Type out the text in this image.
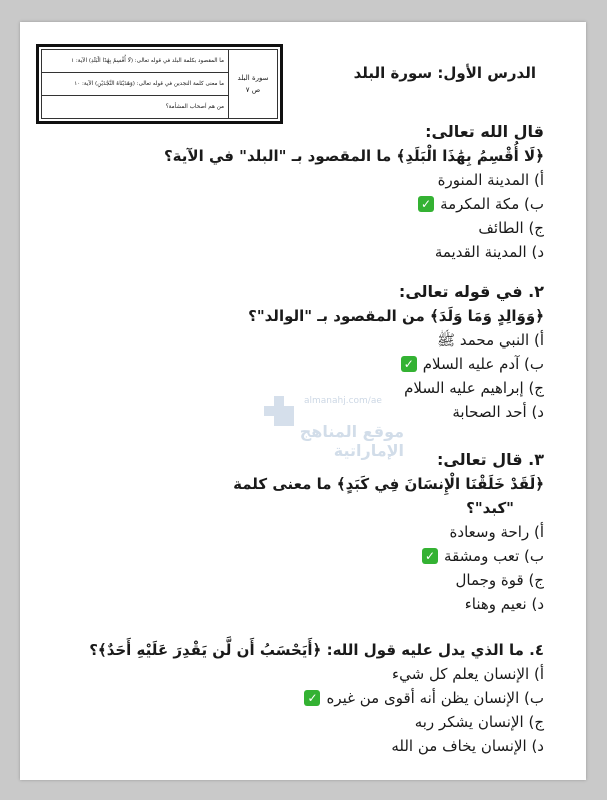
سورة البلد
ص ٧
ما المقصود بكلمة البلد في قوله تعالى: (لَا أُقْسِمُ بِهَٰذَا الْبَلَدِ) الآية: ١
ما معنى كلمة النجدين في قوله تعالى: (وَهَدَيْنَاهُ النَّجْدَيْنِ) الآية: ١٠
من هم أصحاب المشأمة؟
الدرس الأول: سورة البلد
قال الله تعالى:
﴿لَا أُقْسِمُ بِهَٰذَا الْبَلَدِ﴾ ما المقصود بـ "البلد" في الآية؟
أ) المدينة المنورة
ب) مكة المكرمة
✓
ج) الطائف
د) المدينة القديمة
٢. في قوله تعالى:
﴿وَوَالِدٍ وَمَا وَلَدَ﴾ من المقصود بـ "الوالد"؟
أ) النبي محمد ﷺ
ب) آدم عليه السلام
✓
ج) إبراهيم عليه السلام
د) أحد الصحابة
almanahj.com/ae
موقع المناهج الإماراتية	٣. قال تعالى:
﴿لَقَدْ خَلَقْنَا الْإِنسَانَ فِي كَبَدٍ﴾ ما معنى كلمة
"كبد"؟
أ) راحة وسعادة
ب) تعب ومشقة
✓
ج) قوة وجمال
د) نعيم وهناء
٤. ما الذي يدل عليه قول الله: ﴿أَيَحْسَبُ أَن لَّن يَقْدِرَ عَلَيْهِ أَحَدٌ﴾؟
أ) الإنسان يعلم كل شيء
ب) الإنسان يظن أنه أقوى من غيره
✓
ج) الإنسان يشكر ربه
د) الإنسان يخاف من الله
